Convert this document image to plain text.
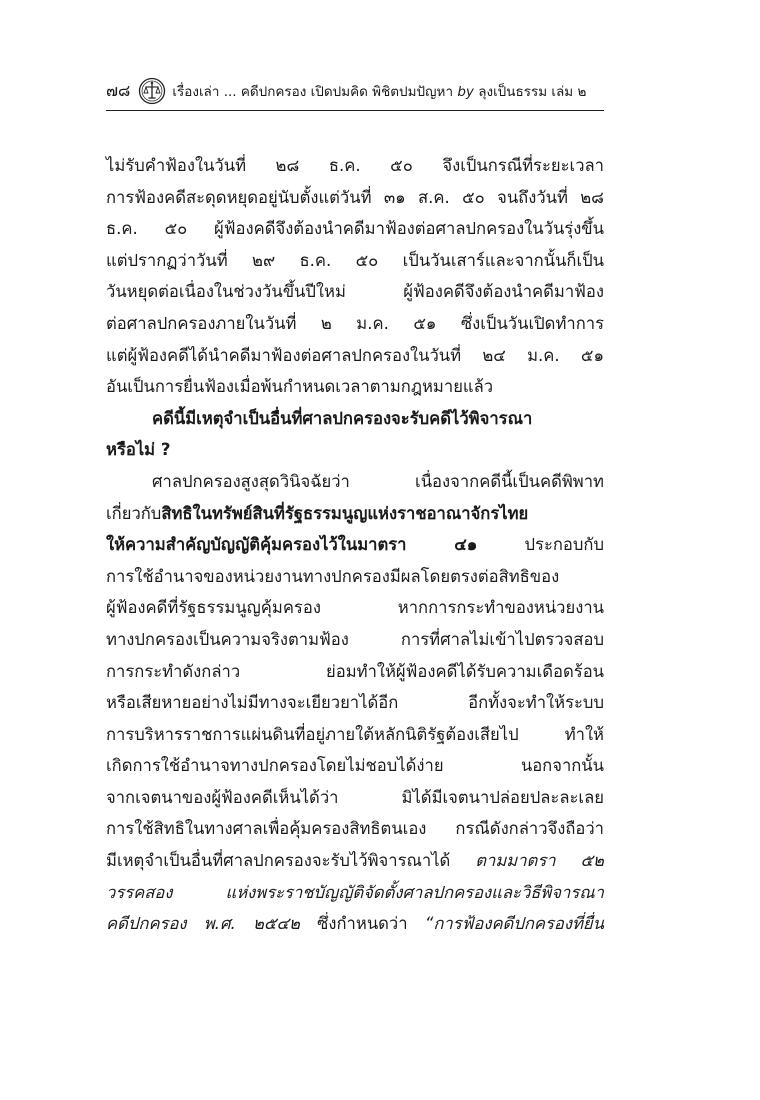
๗๘	เรื่องเล่า ... คดีปกครอง เปิดปมคิด พิชิตปมปัญหา by ลุงเป็นธรรม เล่ม ๒
ไม่รับคำฟ้องในวันที่ ๒๘ ธ.ค. ๕๐ จึงเป็นกรณีที่ระยะเวลา
การฟ้องคดีสะดุดหยุดอยู่นับตั้งแต่วันที่ ๓๑ ส.ค. ๕๐ จนถึงวันที่ ๒๘
ธ.ค. ๕๐ ผู้ฟ้องคดีจึงต้องนำคดีมาฟ้องต่อศาลปกครองในวันรุ่งขึ้น
แต่ปรากฏว่าวันที่ ๒๙ ธ.ค. ๕๐ เป็นวันเสาร์และจากนั้นก็เป็น
วันหยุดต่อเนื่องในช่วงวันขึ้นปีใหม่ ผู้ฟ้องคดีจึงต้องนำคดีมาฟ้อง
ต่อศาลปกครองภายในวันที่ ๒ ม.ค. ๕๑ ซึ่งเป็นวันเปิดทำการ
แต่ผู้ฟ้องคดีได้นำคดีมาฟ้องต่อศาลปกครองในวันที่ ๒๔ ม.ค. ๕๑
อันเป็นการยื่นฟ้องเมื่อพ้นกำหนดเวลาตามกฎหมายแล้ว
คดีนี้มีเหตุจำเป็นอื่นที่ศาลปกครองจะรับคดีไว้พิจารณา
หรือไม่ ?
ศาลปกครองสูงสุดวินิจฉัยว่า เนื่องจากคดีนี้เป็นคดีพิพาท
เกี่ยวกับสิทธิในทรัพย์สินที่รัฐธรรมนูญแห่งราชอาณาจักรไทย
ให้ความสำคัญบัญญัติคุ้มครองไว้ในมาตรา ๔๑ ประกอบกับ
การใช้อำนาจของหน่วยงานทางปกครองมีผลโดยตรงต่อสิทธิของ
ผู้ฟ้องคดีที่รัฐธรรมนูญคุ้มครอง หากการกระทำของหน่วยงาน
ทางปกครองเป็นความจริงตามฟ้อง การที่ศาลไม่เข้าไปตรวจสอบ
การกระทำดังกล่าว ย่อมทำให้ผู้ฟ้องคดีได้รับความเดือดร้อน
หรือเสียหายอย่างไม่มีทางจะเยียวยาได้อีก อีกทั้งจะทำให้ระบบ
การบริหารราชการแผ่นดินที่อยู่ภายใต้หลักนิติรัฐต้องเสียไป ทำให้
เกิดการใช้อำนาจทางปกครองโดยไม่ชอบได้ง่าย นอกจากนั้น
จากเจตนาของผู้ฟ้องคดีเห็นได้ว่า มิได้มีเจตนาปล่อยปละละเลย
การใช้สิทธิในทางศาลเพื่อคุ้มครองสิทธิตนเอง กรณีดังกล่าวจึงถือว่า
มีเหตุจำเป็นอื่นที่ศาลปกครองจะรับไว้พิจารณาได้ ตามมาตรา ๕๒
วรรคสอง แห่งพระราชบัญญัติจัดตั้งศาลปกครองและวิธีพิจารณา
คดีปกครอง พ.ศ. ๒๕๔๒ ซึ่งกำหนดว่า “การฟ้องคดีปกครองที่ยื่น
